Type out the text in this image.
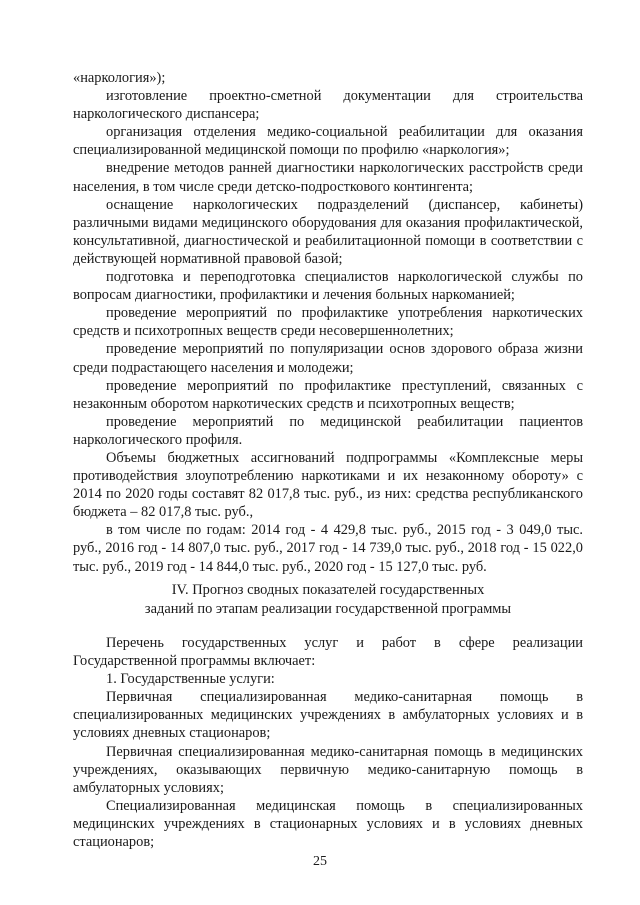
«наркология»);

изготовление проектно-сметной документации для строительства наркологического диспансера;

организация отделения медико-социальной реабилитации для оказания специализированной медицинской помощи по профилю «наркология»;

внедрение методов ранней диагностики наркологических расстройств среди населения, в том числе среди детско-подросткового контингента;

оснащение наркологических подразделений (диспансер, кабинеты) различными видами медицинского оборудования для оказания профилактической, консультативной, диагностической и реабилитационной помощи в соответствии с действующей нормативной правовой базой;

подготовка и переподготовка специалистов наркологической службы по вопросам диагностики, профилактики и лечения больных наркоманией;

проведение мероприятий по профилактике употребления наркотических средств и психотропных веществ среди несовершеннолетних;

проведение мероприятий по популяризации основ здорового образа жизни среди подрастающего населения и молодежи;

проведение мероприятий по профилактике преступлений, связанных с незаконным оборотом наркотических средств и психотропных веществ;

проведение мероприятий по медицинской реабилитации пациентов наркологического профиля.

Объемы бюджетных ассигнований подпрограммы «Комплексные меры противодействия злоупотреблению наркотиками и их незаконному обороту» с 2014 по 2020 годы составят 82 017,8 тыс. руб., из них: средства республиканского бюджета – 82 017,8 тыс. руб.,

в том числе по годам: 2014 год - 4 429,8 тыс. руб., 2015 год - 3 049,0 тыс. руб., 2016 год - 14 807,0 тыс. руб., 2017 год - 14 739,0 тыс. руб., 2018 год - 15 022,0 тыс. руб., 2019 год - 14 844,0 тыс. руб., 2020 год - 15 127,0 тыс. руб.

IV. Прогноз сводных показателей государственных
заданий по этапам реализации государственной программы

Перечень государственных услуг и работ в сфере реализации Государственной программы включает:

1. Государственные услуги:

Первичная специализированная медико-санитарная помощь в специализированных медицинских учреждениях в амбулаторных условиях и в условиях дневных стационаров;

Первичная специализированная медико-санитарная помощь в медицинских учреждениях, оказывающих первичную медико-санитарную помощь в амбулаторных условиях;

Специализированная медицинская помощь в специализированных медицинских учреждениях в стационарных условиях и в условиях дневных стационаров;

25
